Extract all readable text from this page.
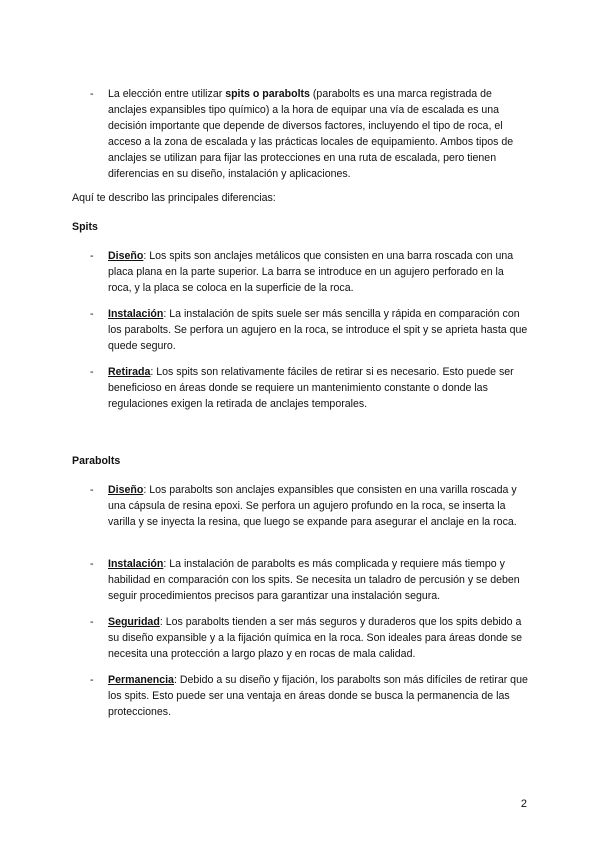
- La elección entre utilizar spits o parabolts (parabolts es una marca registrada de anclajes expansibles tipo químico) a la hora de equipar una vía de escalada es una decisión importante que depende de diversos factores, incluyendo el tipo de roca, el acceso a la zona de escalada y las prácticas locales de equipamiento. Ambos tipos de anclajes se utilizan para fijar las protecciones en una ruta de escalada, pero tienen diferencias en su diseño, instalación y aplicaciones.
Aquí te describo las principales diferencias:
Spits
- Diseño: Los spits son anclajes metálicos que consisten en una barra roscada con una placa plana en la parte superior. La barra se introduce en un agujero perforado en la roca, y la placa se coloca en la superficie de la roca.
- Instalación: La instalación de spits suele ser más sencilla y rápida en comparación con los parabolts. Se perfora un agujero en la roca, se introduce el spit y se aprieta hasta que quede seguro.
- Retirada: Los spits son relativamente fáciles de retirar si es necesario. Esto puede ser beneficioso en áreas donde se requiere un mantenimiento constante o donde las regulaciones exigen la retirada de anclajes temporales.
Parabolts
- Diseño: Los parabolts son anclajes expansibles que consisten en una varilla roscada y una cápsula de resina epoxi. Se perfora un agujero profundo en la roca, se inserta la varilla y se inyecta la resina, que luego se expande para asegurar el anclaje en la roca.
- Instalación: La instalación de parabolts es más complicada y requiere más tiempo y habilidad en comparación con los spits. Se necesita un taladro de percusión y se deben seguir procedimientos precisos para garantizar una instalación segura.
- Seguridad: Los parabolts tienden a ser más seguros y duraderos que los spits debido a su diseño expansible y a la fijación química en la roca. Son ideales para áreas donde se necesita una protección a largo plazo y en rocas de mala calidad.
- Permanencia: Debido a su diseño y fijación, los parabolts son más difíciles de retirar que los spits. Esto puede ser una ventaja en áreas donde se busca la permanencia de las protecciones.
2
